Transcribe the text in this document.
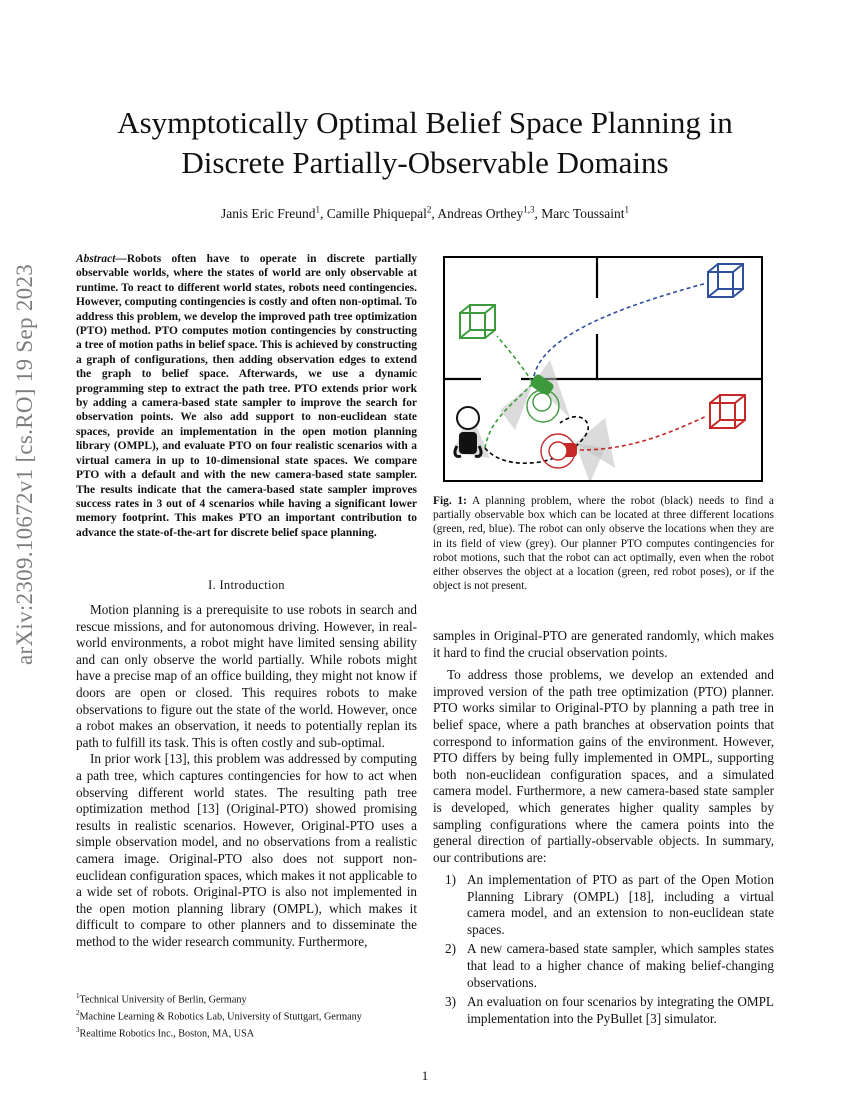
arXiv:2309.10672v1 [cs.RO] 19 Sep 2023
Asymptotically Optimal Belief Space Planning in
Discrete Partially-Observable Domains
Janis Eric Freund$^1$, Camille Phiquepal$^2$, Andreas Orthey$^{1,3}$, Marc Toussaint$^1$
Abstract—Robots often have to operate in discrete partially observable worlds, where the states of world are only observable at runtime. To react to different world states, robots need contingencies. However, computing contingencies is costly and often non-optimal. To address this problem, we develop the improved path tree optimization (PTO) method. PTO computes motion contingencies by constructing a tree of motion paths in belief space. This is achieved by constructing a graph of configurations, then adding observation edges to extend the graph to belief space. Afterwards, we use a dynamic programming step to extract the path tree. PTO extends prior work by adding a camera-based state sampler to improve the search for observation points. We also add support to non-euclidean state spaces, provide an implementation in the open motion planning library (OMPL), and evaluate PTO on four realistic scenarios with a virtual camera in up to 10-dimensional state spaces. We compare PTO with a default and with the new camera-based state sampler. The results indicate that the camera-based state sampler improves success rates in 3 out of 4 scenarios while having a significant lower memory footprint. This makes PTO an important contribution to advance the state-of-the-art for discrete belief space planning.
I. Introduction

Motion planning is a prerequisite to use robots in search and rescue missions, and for autonomous driving. However, in real-world environments, a robot might have limited sensing ability and can only observe the world partially. While robots might have a precise map of an office building, they might not know if doors are open or closed. This requires robots to make observations to figure out the state of the world. However, once a robot makes an observation, it needs to potentially replan its path to fulfill its task. This is often costly and sub-optimal.

In prior work [13], this problem was addressed by computing a path tree, which captures contingencies for how to act when observing different world states. The resulting path tree optimization method [13] (Original-PTO) showed promising results in realistic scenarios. However, Original-PTO uses a simple observation model, and no observations from a realistic camera image. Original-PTO also does not support non-euclidean configuration spaces, which makes it not applicable to a wide set of robots. Original-PTO is also not implemented in the open motion planning library (OMPL), which makes it difficult to compare to other planners and to disseminate the method to the wider research community. Furthermore,

$^1$Technical University of Berlin, Germany
$^2$Machine Learning & Robotics Lab, University of Stuttgart, Germany
$^3$Realtime Robotics Inc., Boston, MA, USA
Fig. 1: A planning problem, where the robot (black) needs to find a partially observable box which can be located at three different locations (green, red, blue). The robot can only observe the locations when they are in its field of view (grey). Our planner PTO computes contingencies for robot motions, such that the robot can act optimally, even when the robot either observes the object at a location (green, red robot poses), or if the object is not present.

samples in Original-PTO are generated randomly, which makes it hard to find the crucial observation points.

To address those problems, we develop an extended and improved version of the path tree optimization (PTO) planner. PTO works similar to Original-PTO by planning a path tree in belief space, where a path branches at observation points that correspond to information gains of the environment. However, PTO differs by being fully implemented in OMPL, supporting both non-euclidean configuration spaces, and a simulated camera model. Furthermore, a new camera-based state sampler is developed, which generates higher quality samples by sampling configurations where the camera points into the general direction of partially-observable objects. In summary, our contributions are:

1) An implementation of PTO as part of the Open Motion Planning Library (OMPL) [18], including a virtual camera model, and an extension to non-euclidean state spaces.
2) A new camera-based state sampler, which samples states that lead to a higher chance of making belief-changing observations.
3) An evaluation on four scenarios by integrating the OMPL implementation into the PyBullet [3] simulator.
1
